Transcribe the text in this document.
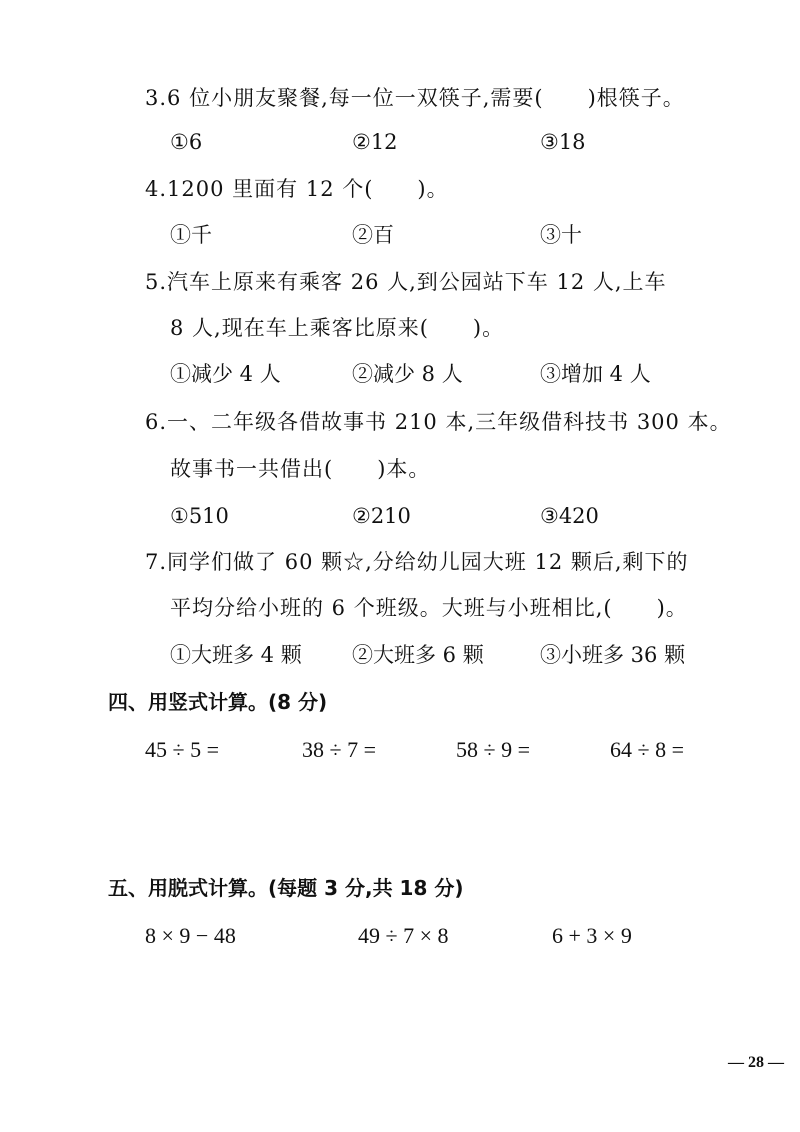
3.6 位小朋友聚餐,每一位一双筷子,需要(　　)根筷子。
①6	②12	③18
4.1200 里面有 12 个(　　)。
①千	②百	③十
5.汽车上原来有乘客 26 人,到公园站下车 12 人,上车
8 人,现在车上乘客比原来(　　)。
①减少 4 人	②减少 8 人	③增加 4 人
6.一、二年级各借故事书 210 本,三年级借科技书 300 本。
故事书一共借出(　　)本。
①510	②210	③420
7.同学们做了 60 颗☆,分给幼儿园大班 12 颗后,剩下的
平均分给小班的 6 个班级。大班与小班相比,(　　)。
①大班多 4 颗 ②大班多 6 颗	③小班多 36 颗
四、用竖式计算。(8 分)
45 ÷ 5 =	38 ÷ 7 =	58 ÷ 9 =	64 ÷ 8 =
五、用脱式计算。(每题 3 分,共 18 分)
8 × 9 − 48	49 ÷ 7 × 8	6 + 3 × 9
— 28 —
